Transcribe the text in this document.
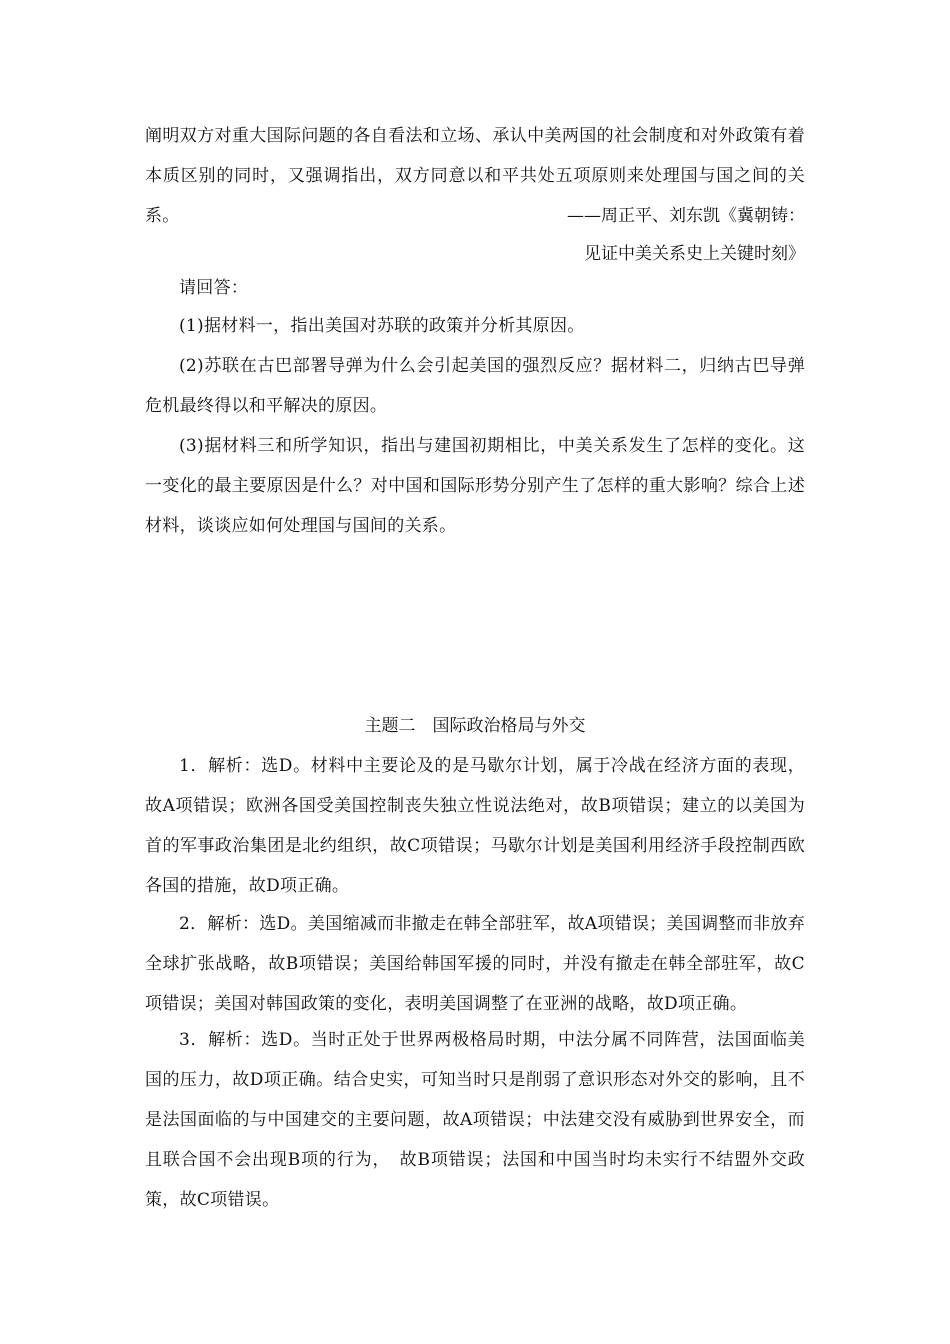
阐明双方对重大国际问题的各自看法和立场、承认中美两国的社会制度和对外政策有着本质区别的同时，又强调指出，双方同意以和平共处五项原则来处理国与国之间的关系。	——周正平、刘东凯《冀朝铸：
见证中美关系史上关键时刻》

请回答：

(1)据材料一，指出美国对苏联的政策并分析其原因。

(2)苏联在古巴部署导弹为什么会引起美国的强烈反应？据材料二，归纳古巴导弹危机最终得以和平解决的原因。

(3)据材料三和所学知识，指出与建国初期相比，中美关系发生了怎样的变化。这一变化的最主要原因是什么？对中国和国际形势分别产生了怎样的重大影响？综合上述材料，谈谈应如何处理国与国间的关系。

主题二　国际政治格局与外交

1．解析：选D。材料中主要论及的是马歇尔计划，属于冷战在经济方面的表现，故A项错误；欧洲各国受美国控制丧失独立性说法绝对，故B项错误；建立的以美国为首的军事政治集团是北约组织，故C项错误；马歇尔计划是美国利用经济手段控制西欧各国的措施，故D项正确。

2．解析：选D。美国缩减而非撤走在韩全部驻军，故A项错误；美国调整而非放弃全球扩张战略，故B项错误；美国给韩国军援的同时，并没有撤走在韩全部驻军，故C项错误；美国对韩国政策的变化，表明美国调整了在亚洲的战略，故D项正确。

3．解析：选D。当时正处于世界两极格局时期，中法分属不同阵营，法国面临美国的压力，故D项正确。结合史实，可知当时只是削弱了意识形态对外交的影响，且不是法国面临的与中国建交的主要问题，故A项错误；中法建交没有威胁到世界安全，而且联合国不会出现B项的行为，　故B项错误；法国和中国当时均未实行不结盟外交政策，故C项错误。
